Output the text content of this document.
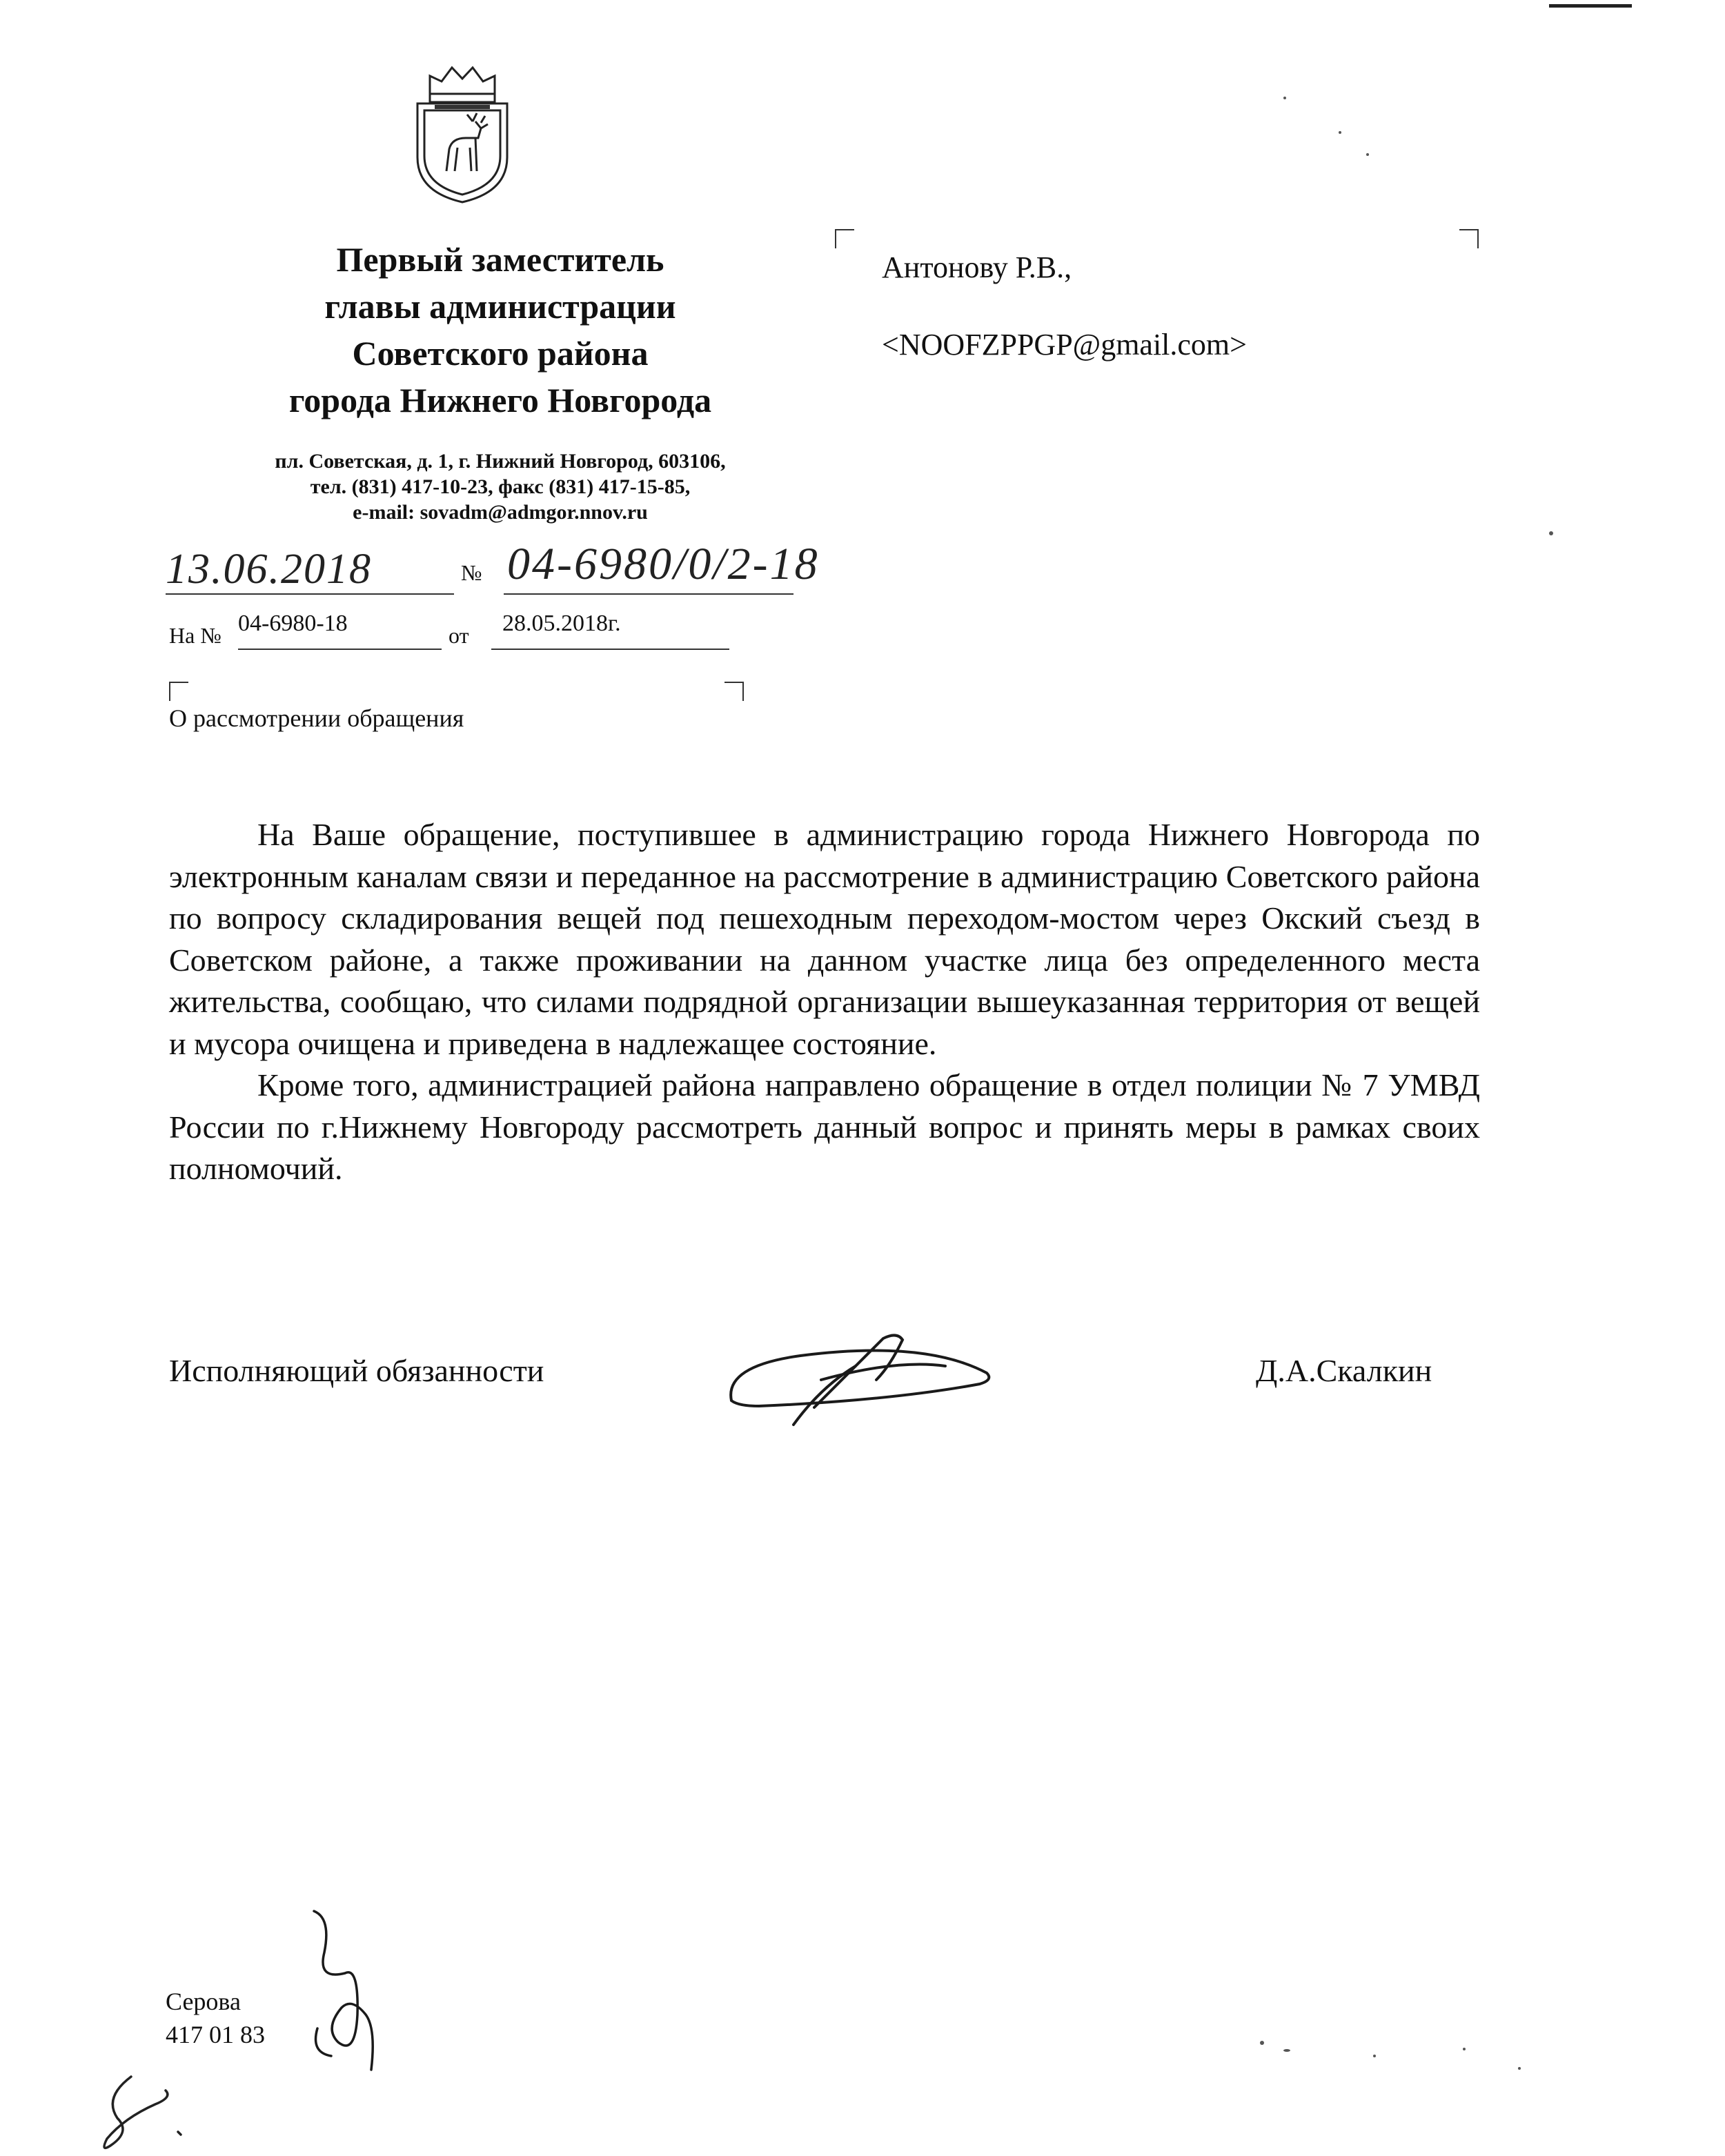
Первый заместитель
главы администрации
Советского района
города Нижнего Новгорода
пл. Советская, д. 1, г. Нижний Новгород, 603106,
тел. (831) 417-10-23, факс (831) 417-15-85,
e-mail: sovadm@admgor.nnov.ru
13.06.2018	№ 04-6980/0/2-18
На № 04-6980-18	от 28.05.2018г.
О рассмотрении обращения
Антонову Р.В.,
<NOOFZPPGP@gmail.com>

На Ваше обращение, поступившее в администрацию города Нижнего Новгорода по электронным каналам связи и переданное на рассмотрение в администрацию Советского района по вопросу складирования вещей под пешеходным переходом-мостом через Окский съезд в Советском районе, а также проживании на данном участке лица без определенного места жительства, сообщаю, что силами подрядной организации вышеуказанная территория от вещей и мусора очищена и приведена в надлежащее состояние.

Кроме того, администрацией района направлено обращение в отдел полиции № 7 УМВД России по г.Нижнему Новгороду рассмотреть данный вопрос и принять меры в рамках своих полномочий.

Исполняющий обязанности	Д.А.Скалкин
Серова
417 01 83
